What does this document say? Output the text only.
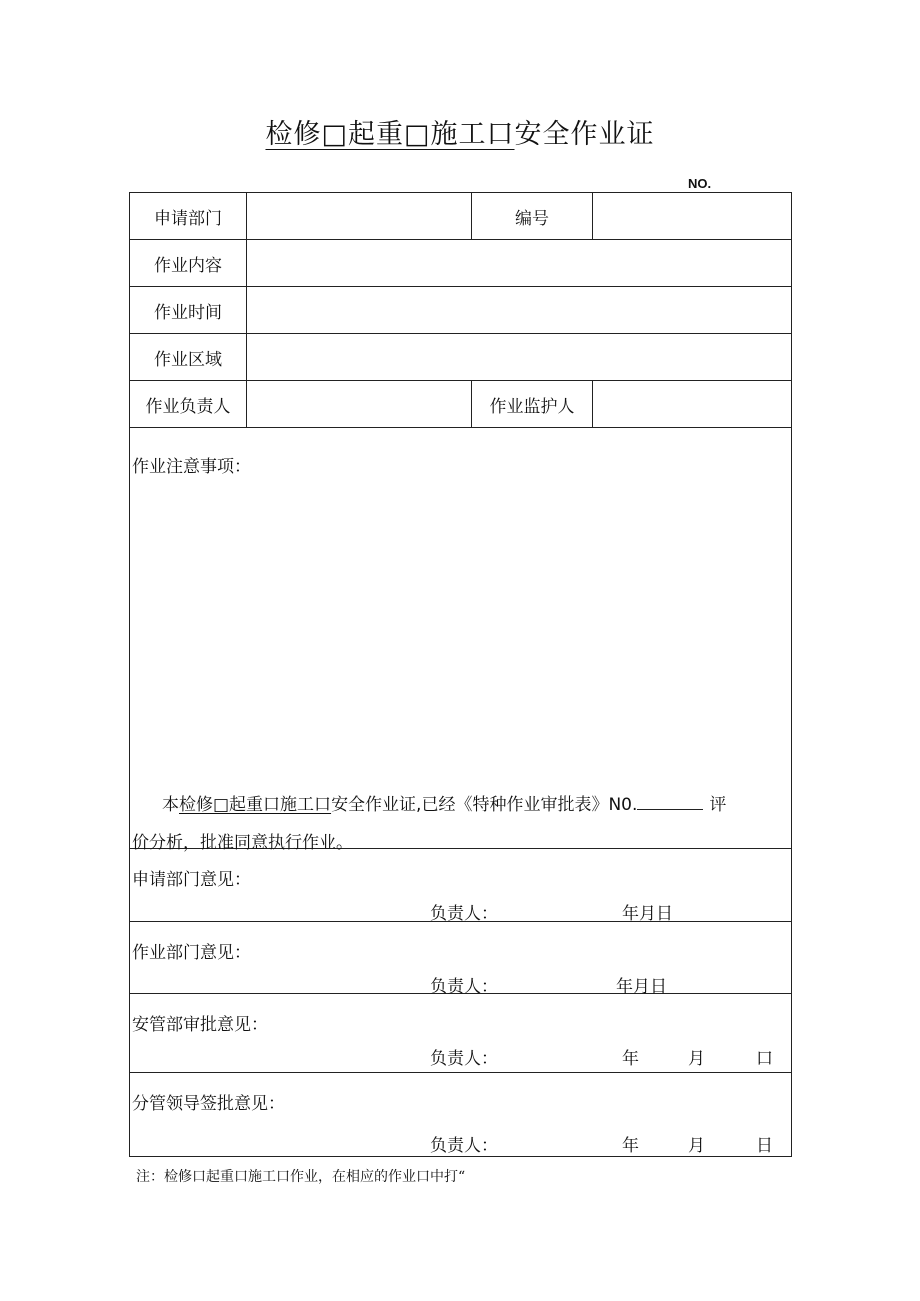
检修□起重□施工口安全作业证
NO.
申请部门		编号	
作业内容			
作业时间			
作业区域			
作业负责人		作业监护人	

作业注意事项：
本检修□起重口施工口安全作业证,已经《特种作业审批表》N0. 评
价分析，批准同意执行作业。			

申请部门意见：
负责人： 年月日			

作业部门意见：
负责人： 年月日			

安管部审批意见：
负责人： 年 月 口			

分管领导签批意见：
负责人： 年 月 日			
注：检修口起重口施工口作业，在相应的作业口中打“
